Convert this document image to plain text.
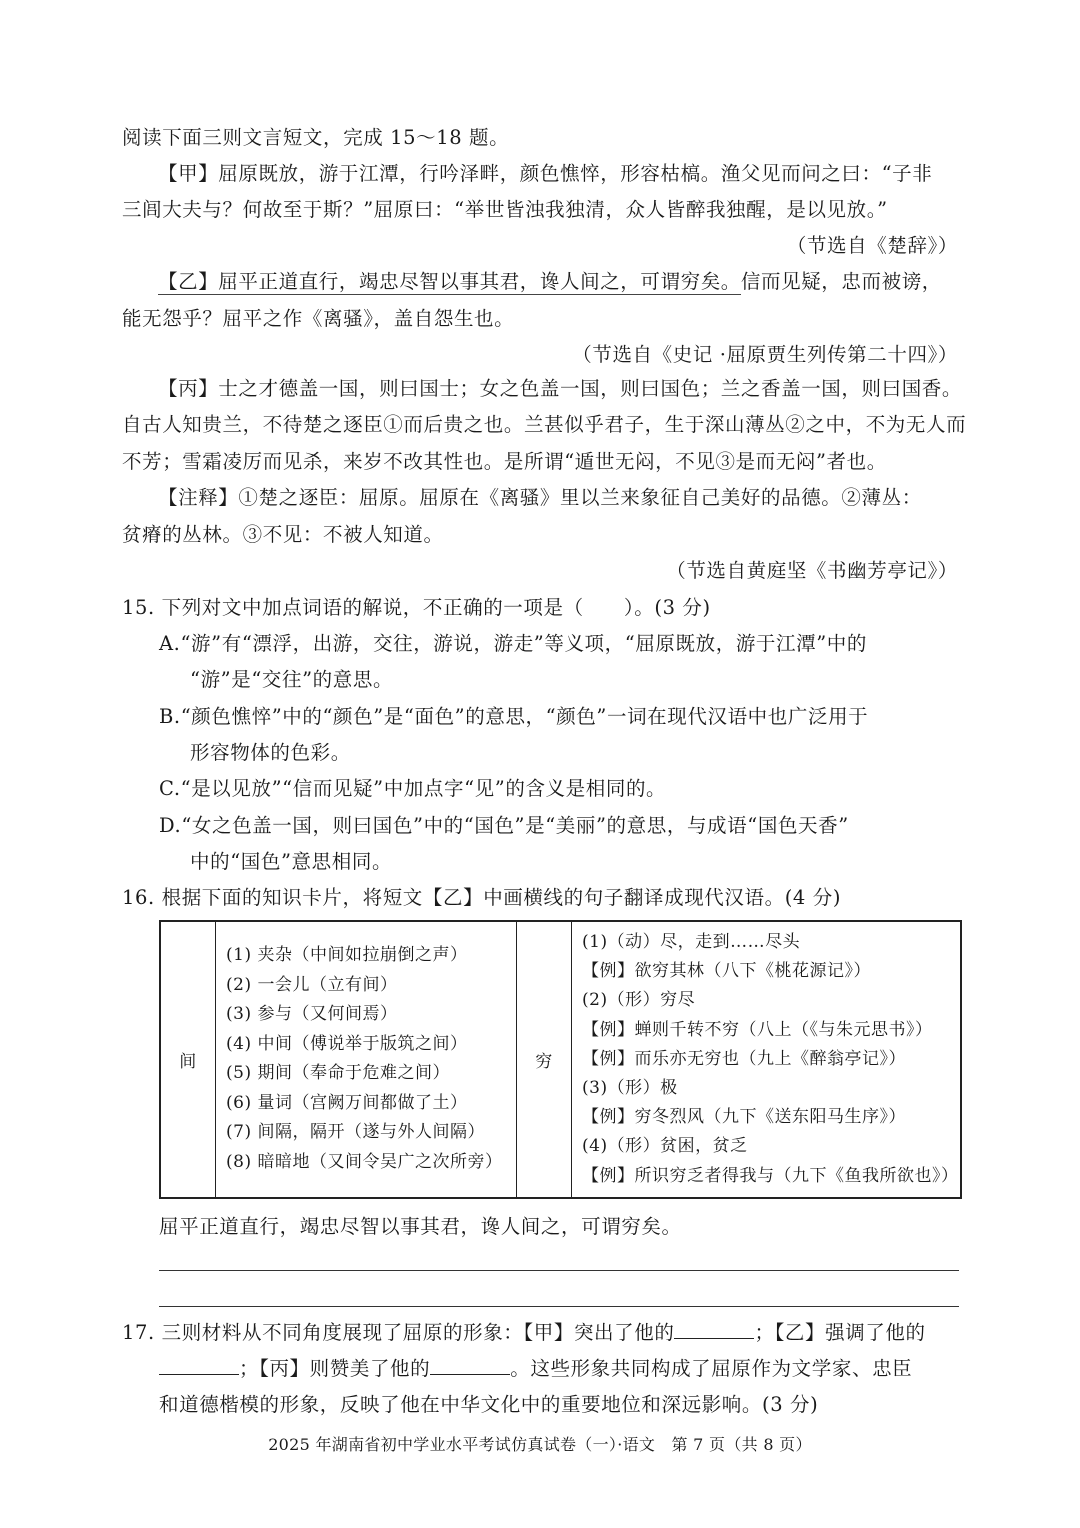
阅读下面三则文言短文，完成 15～18 题。
【甲】屈原既放，游于江潭，行吟泽畔，颜色憔悴，形容枯槁。渔父见而问之曰：“子非
三闾大夫与？何故至于斯？”屈原曰：“举世皆浊我独清，众人皆醉我独醒，是以见放。”
（节选自《楚辞》）
【乙】屈平正道直行，竭忠尽智以事其君，谗人间之，可谓穷矣。信而见疑，忠而被谤，
能无怨乎？屈平之作《离骚》，盖自怨生也。
（节选自《史记 ·屈原贾生列传第二十四》）
【丙】士之才德盖一国，则曰国士；女之色盖一国，则曰国色；兰之香盖一国，则曰国香。
自古人知贵兰，不待楚之逐臣①而后贵之也。兰甚似乎君子，生于深山薄丛②之中，不为无人而
不芳；雪霜凌厉而见杀，来岁不改其性也。是所谓“遁世无闷，不见③是而无闷”者也。
【注释】①楚之逐臣：屈原。屈原在《离骚》里以兰来象征自己美好的品德。②薄丛：
贫瘠的丛林。③不见：不被人知道。
（节选自黄庭坚《书幽芳亭记》）
15. 下列对文中加点词语的解说，不正确的一项是（　　）。(3 分)
A.“游”有“漂浮，出游，交往，游说，游走”等义项，“屈原既放，游于江潭”中的
“游”是“交往”的意思。
B.“颜色憔悴”中的“颜色”是“面色”的意思，“颜色”一词在现代汉语中也广泛用于
形容物体的色彩。
C.“是以见放”“信而见疑”中加点字“见”的含义是相同的。
D.“女之色盖一国，则曰国色”中的“国色”是“美丽”的意思，与成语“国色天香”
中的“国色”意思相同。
16. 根据下面的知识卡片，将短文【乙】中画横线的句子翻译成现代汉语。(4 分)
间	
(1) 夹杂（中间如拉崩倒之声）
(2) 一会儿（立有间）
(3) 参与（又何间焉）
(4) 中间（傅说举于版筑之间）
(5) 期间（奉命于危难之间）
(6) 量词（宫阙万间都做了土）
(7) 间隔，隔开（遂与外人间隔）
(8) 暗暗地（又间令吴广之次所旁）
	穷	
(1)（动）尽，走到……尽头
【例】欲穷其林（八下《桃花源记》）
(2)（形）穷尽
【例】蝉则千转不穷（八上（《与朱元思书》）
【例】而乐亦无穷也（九上《醉翁亭记》）
(3)（形）极
【例】穷冬烈风（九下《送东阳马生序》）
(4)（形）贫困，贫乏
【例】所识穷乏者得我与（九下《鱼我所欲也》）
屈平正道直行，竭忠尽智以事其君，谗人间之，可谓穷矣。
17. 三则材料从不同角度展现了屈原的形象：【甲】突出了他的	；【乙】强调了他的
；【丙】则赞美了他的	。这些形象共同构成了屈原作为文学家、忠臣
和道德楷模的形象，反映了他在中华文化中的重要地位和深远影响。(3 分)
2025 年湖南省初中学业水平考试仿真试卷（一）·语文　第 7 页（共 8 页）
